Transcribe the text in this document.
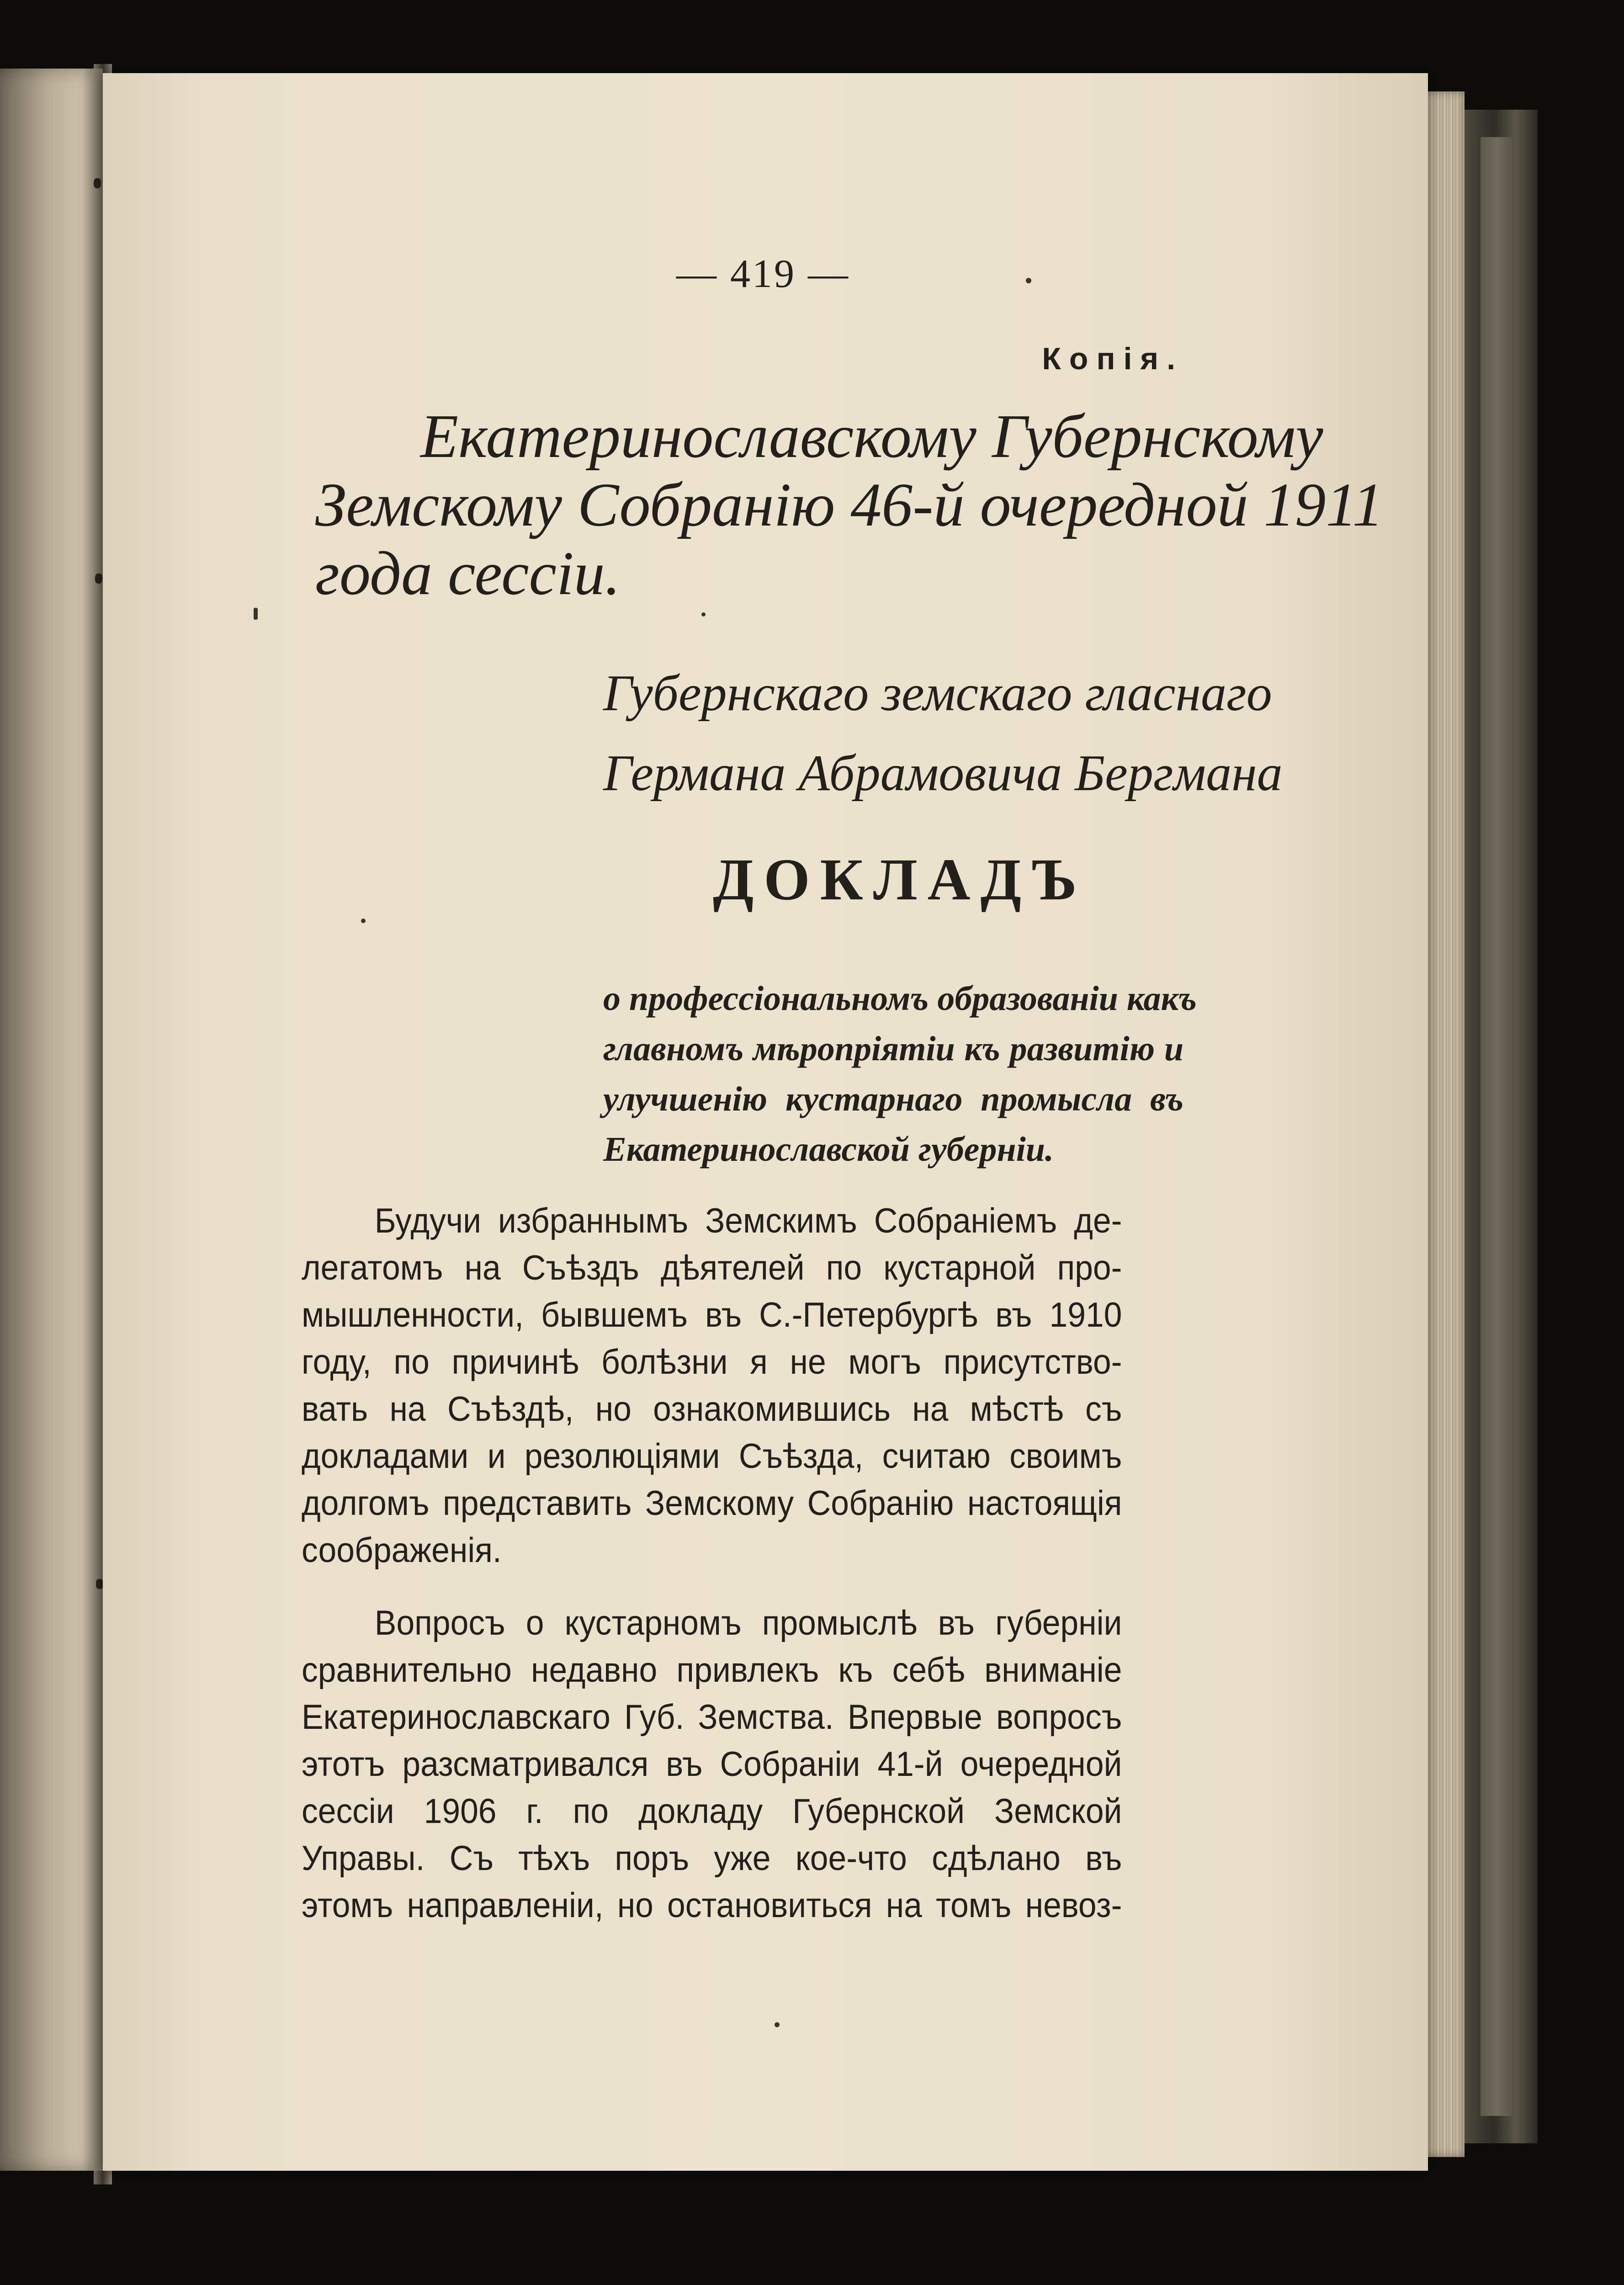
— 419 —
Копія.
Екатеринославскому Губернскому
Земскому Собранію 46-й очередной 1911
года сессіи.
Губернскаго земскаго гласнаго
Германа Абрамовича Бергмана
ДОКЛАДЪ
о профессіональномъ образованіи какъ
главномъ мѣропріятіи къ развитію и
улучшенію кустарнаго промысла въ
Екатеринославской губерніи.
Будучи избраннымъ Земскимъ Собраніемъ де-
легатомъ на Съѣздъ дѣятелей по кустарной про-
мышленности, бывшемъ въ С.-Петербургѣ въ 1910
году, по причинѣ болѣзни я не могъ присутство-
вать на Съѣздѣ, но ознакомившись на мѣстѣ съ
докладами и резолюціями Съѣзда, считаю своимъ
долгомъ представить Земскому Собранію настоящія
соображенія.
Вопросъ о кустарномъ промыслѣ въ губерніи
сравнительно недавно привлекъ къ себѣ вниманіе
Екатеринославскаго Губ. Земства. Впервые вопросъ
этотъ разсматривался въ Собраніи 41-й очередной
сессіи 1906 г. по докладу Губернской Земской
Управы. Съ тѣхъ поръ уже кое-что сдѣлано въ
этомъ направленіи, но остановиться на томъ невоз-
